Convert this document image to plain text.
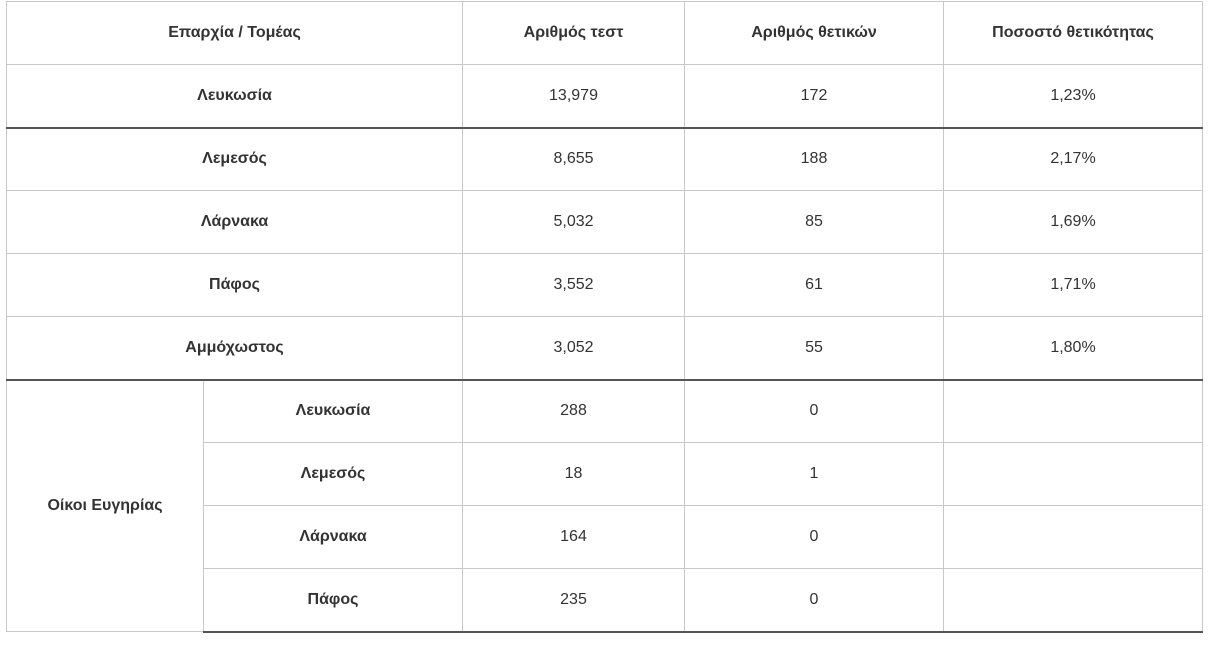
Επαρχία / Τομέας		Αριθμός τεστ	Αριθμός θετικών	Ποσοστό θετικότητας
Λευκωσία		13,979	172	1,23%
Λεμεσός		8,655	188	2,17%
Λάρνακα		5,032	85	1,69%
Πάφος		3,552	61	1,71%
Αμμόχωστος		3,052	55	1,80%
Οίκοι Ευγηρίας	Λευκωσία	288	0	
	Λεμεσός	18	1	
	Λάρνακα	164	0	
	Πάφος	235	0	
